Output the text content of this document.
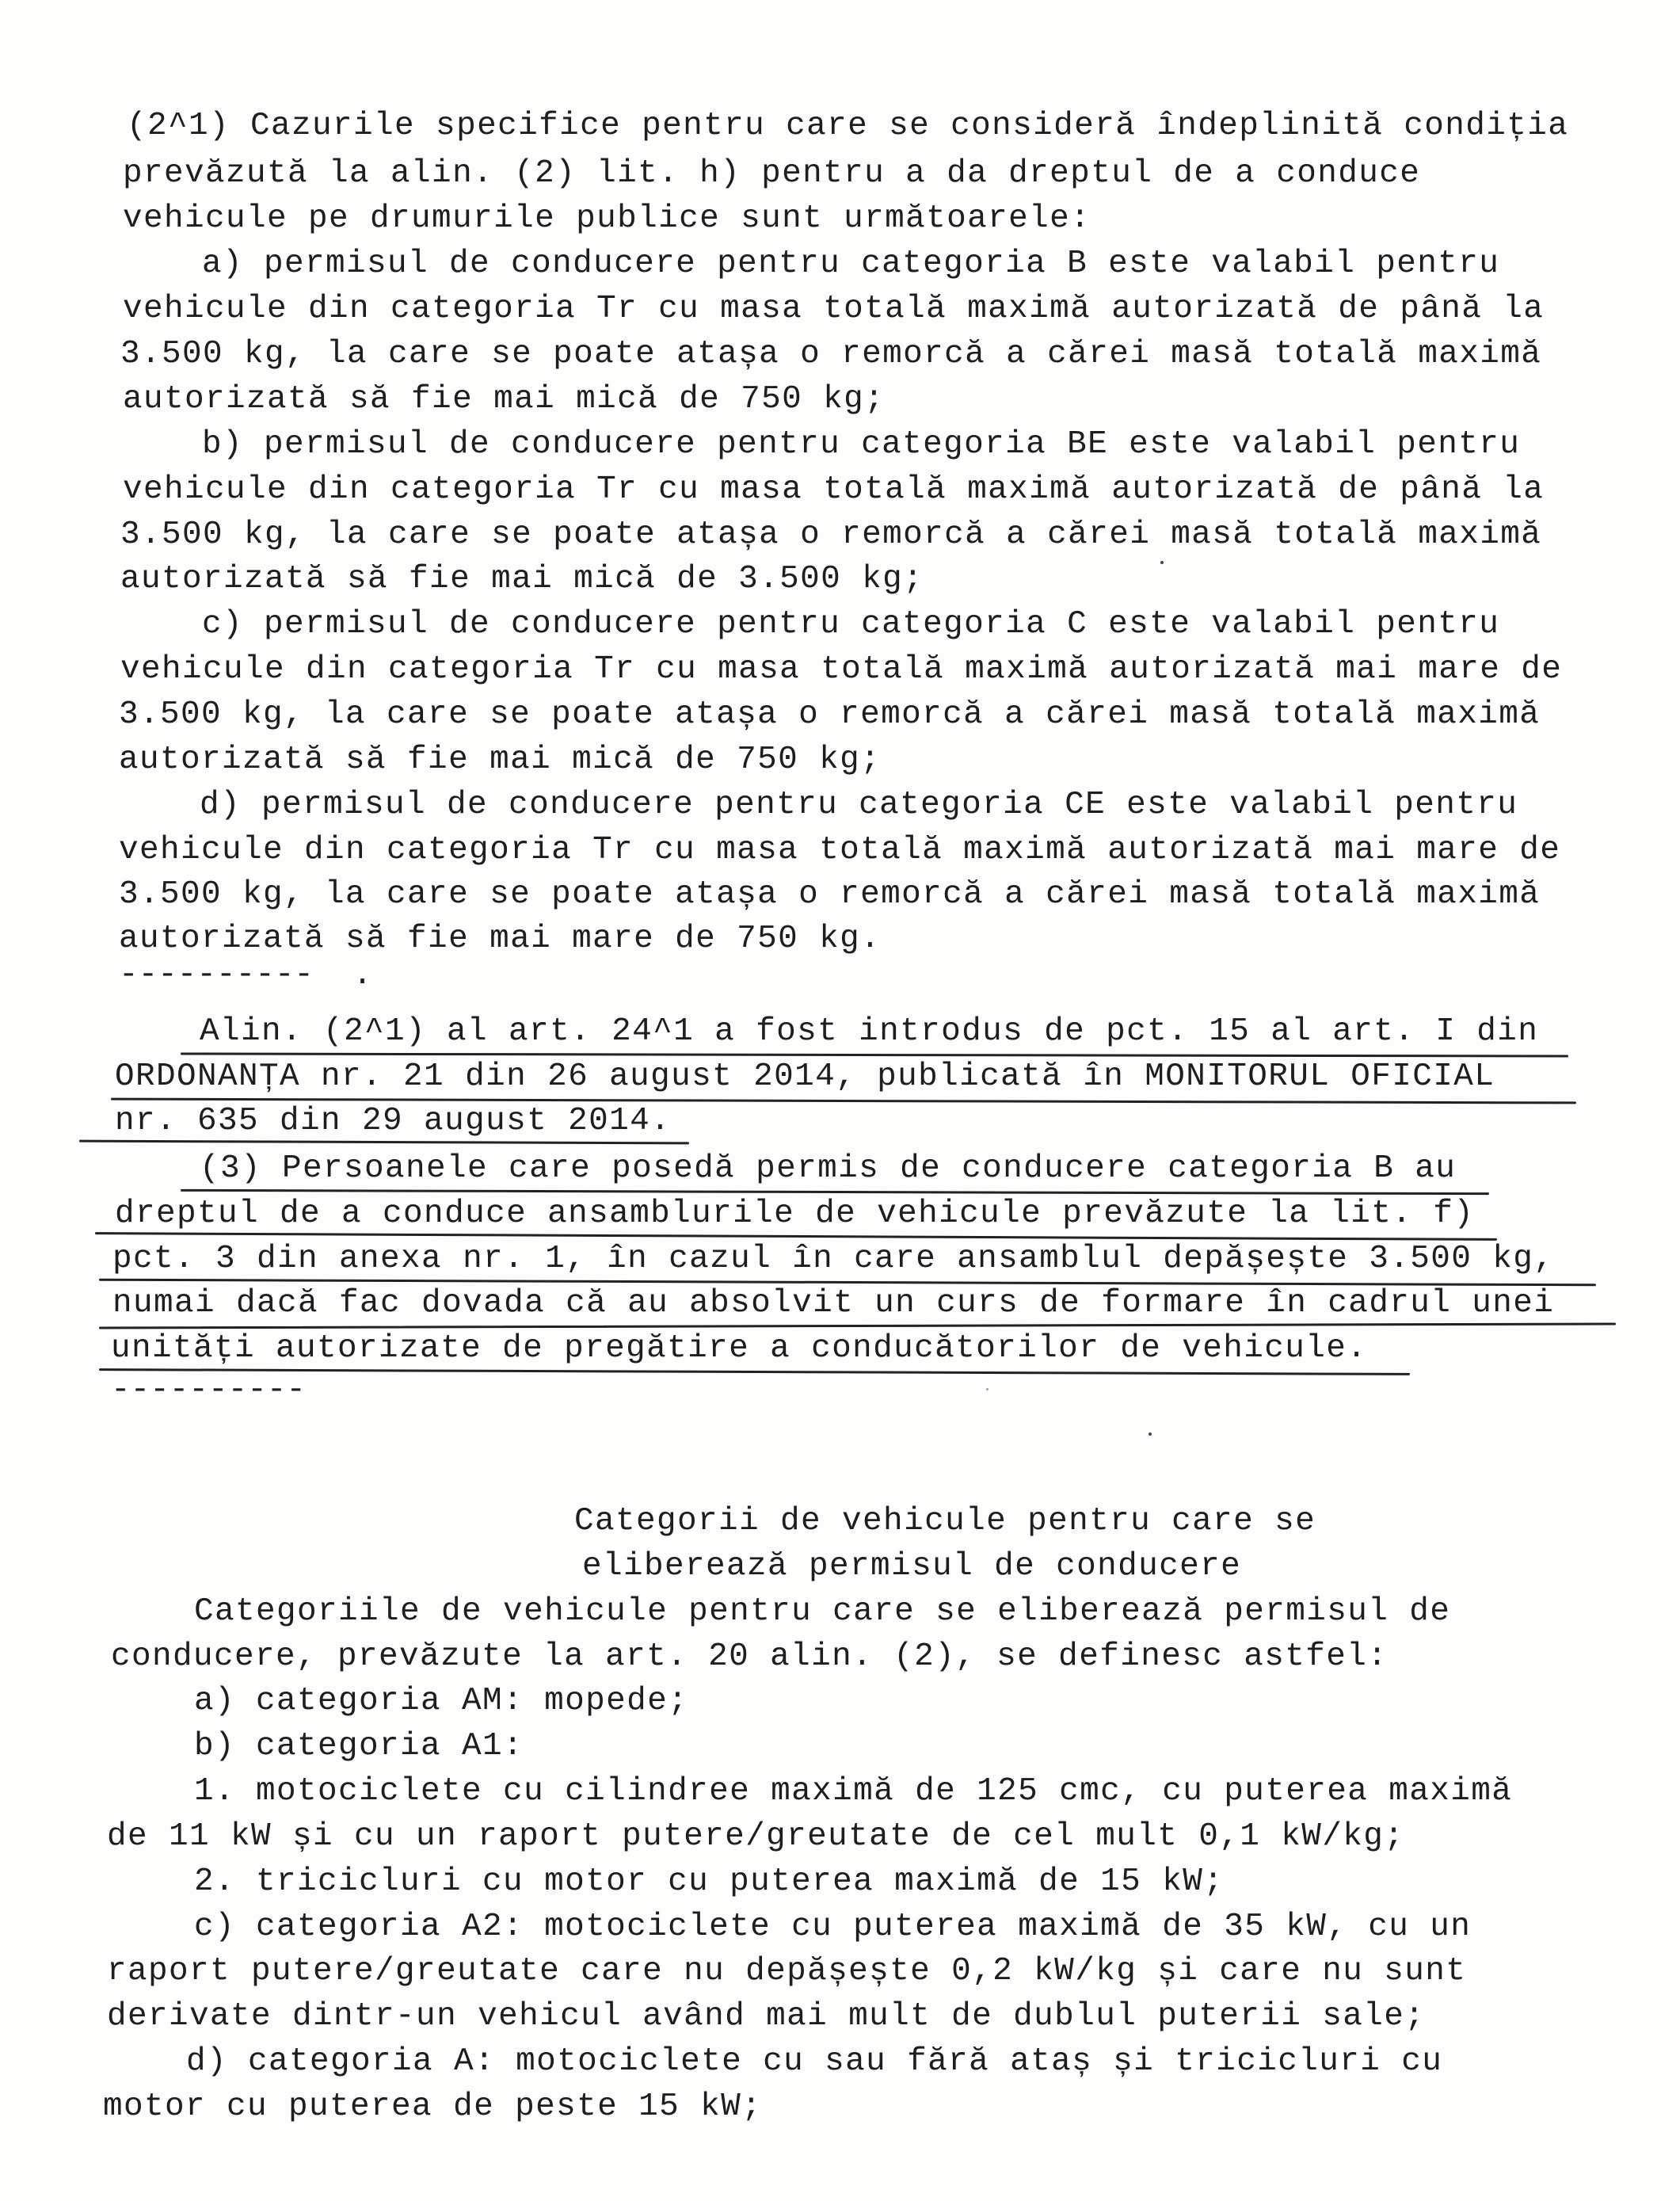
(2^1) Cazurile specifice pentru care se consideră îndeplinită condiția

prevăzută la alin. (2) lit. h) pentru a da dreptul de a conduce

vehicule pe drumurile publice sunt următoarele:

a) permisul de conducere pentru categoria B este valabil pentru

vehicule din categoria Tr cu masa totală maximă autorizată de până la

3.500 kg, la care se poate atașa o remorcă a cărei masă totală maximă

autorizată să fie mai mică de 750 kg;

b) permisul de conducere pentru categoria BE este valabil pentru

vehicule din categoria Tr cu masa totală maximă autorizată de până la

3.500 kg, la care se poate atașa o remorcă a cărei masă totală maximă

autorizată să fie mai mică de 3.500 kg;

c) permisul de conducere pentru categoria C este valabil pentru

vehicule din categoria Tr cu masa totală maximă autorizată mai mare de

3.500 kg, la care se poate atașa o remorcă a cărei masă totală maximă

autorizată să fie mai mică de 750 kg;

d) permisul de conducere pentru categoria CE este valabil pentru

vehicule din categoria Tr cu masa totală maximă autorizată mai mare de

3.500 kg, la care se poate atașa o remorcă a cărei masă totală maximă

autorizată să fie mai mare de 750 kg.

----------  .

Alin. (2^1) al art. 24^1 a fost introdus de pct. 15 al art. I din

ORDONANȚA nr. 21 din 26 august 2014, publicată în MONITORUL OFICIAL

nr. 635 din 29 august 2014.

(3) Persoanele care posedă permis de conducere categoria B au

dreptul de a conduce ansamblurile de vehicule prevăzute la lit. f)

pct. 3 din anexa nr. 1, în cazul în care ansamblul depășește 3.500 kg,

numai dacă fac dovada că au absolvit un curs de formare în cadrul unei

unități autorizate de pregătire a conducătorilor de vehicule.

----------

Categorii de vehicule pentru care se

eliberează permisul de conducere

Categoriile de vehicule pentru care se eliberează permisul de

conducere, prevăzute la art. 20 alin. (2), se definesc astfel:

a) categoria AM: mopede;

b) categoria A1:

1. motociclete cu cilindree maximă de 125 cmc, cu puterea maximă

de 11 kW și cu un raport putere/greutate de cel mult 0,1 kW/kg;

2. tricicluri cu motor cu puterea maximă de 15 kW;

c) categoria A2: motociclete cu puterea maximă de 35 kW, cu un

raport putere/greutate care nu depășește 0,2 kW/kg și care nu sunt

derivate dintr-un vehicul având mai mult de dublul puterii sale;

d) categoria A: motociclete cu sau fără ataș și tricicluri cu

motor cu puterea de peste 15 kW;
